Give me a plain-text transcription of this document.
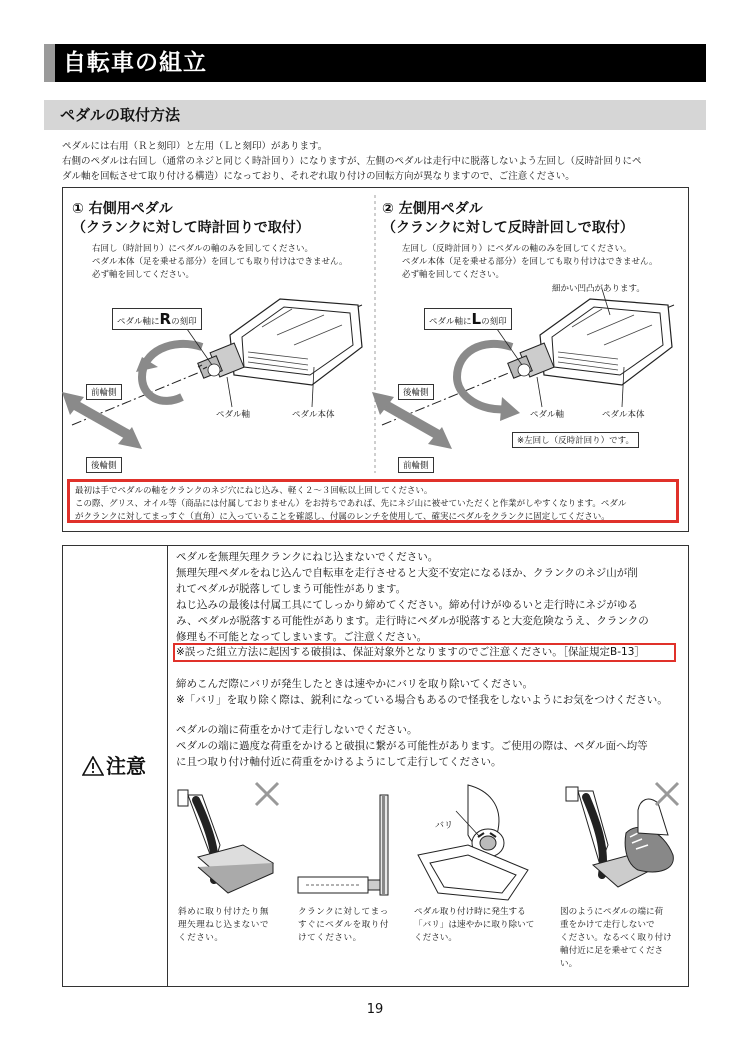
自転車の組立
ペダルの取付方法
ペダルには右用（Ｒと刻印）と左用（Ｌと刻印）があります。
右側のペダルは右回し（通常のネジと同じく時計回り）になりますが、左側のペダルは走行中に脱落しないよう左回し（反時計回りにペ
ダル軸を回転させて取り付ける構造）になっており、それぞれ取り付けの回転方向が異なりますので、ご注意ください。
① 右側用ペダル
（クランクに対して時計回りで取付）
右回し（時計回り）にペダルの軸のみを回してください。
ペダル本体（足を乗せる部分）を回しても取り付けはできません。
必ず軸を回してください。
ペダル軸にRの刻印
前輪側
後輪側
ペダル軸	ペダル本体
② 左側用ペダル
（クランクに対して反時計回しで取付）
左回し（反時計回り）にペダルの軸のみを回してください。
ペダル本体（足を乗せる部分）を回しても取り付けはできません。
必ず軸を回してください。
細かい凹凸があります。
ペダル軸にLの刻印
後輪側
前輪側
ペダル軸	ペダル本体
※左回し（反時計回り）です。
最初は手でペダルの軸をクランクのネジ穴にねじ込み、軽く２～３回転以上回してください。
この際、グリス、オイル等（商品には付属しておりません）をお持ちであれば、先にネジ山に被せていただくと作業がしやすくなります。ペダル
がクランクに対してまっすぐ（直角）に入っていることを確認し、付属のレンチを使用して、確実にペダルをクランクに固定してください。
注意
ペダルを無理矢理クランクにねじ込まないでください。
無理矢理ペダルをねじ込んで自転車を走行させると大変不安定になるほか、クランクのネジ山が削
れてペダルが脱落してしまう可能性があります。
ねじ込みの最後は付属工具にてしっかり締めてください。締め付けがゆるいと走行時にネジがゆる
み、ペダルが脱落する可能性があります。走行時にペダルが脱落すると大変危険なうえ、クランクの
修理も不可能となってしまいます。ご注意ください。
※誤った組立方法に起因する破損は、保証対象外となりますのでご注意ください。［保証規定B-13］
締めこんだ際にバリが発生したときは速やかにバリを取り除いてください。
※「バリ」を取り除く際は、鋭利になっている場合もあるので怪我をしないようにお気をつけください。
ペダルの端に荷重をかけて走行しないでください。
ペダルの端に過度な荷重をかけると破損に繋がる可能性があります。ご使用の際は、ペダル面へ均等
に且つ取り付け軸付近に荷重をかけるようにして走行してください。
バリ
斜めに取り付けたり無
理矢理ねじ込まないで
ください。
クランクに対してまっ
すぐにペダルを取り付
けてください。
ペダル取り付け時に発生する
「バリ」は速やかに取り除いて
ください。
図のようにペダルの端に荷
重をかけて走行しないで
ください。なるべく取り付け
軸付近に足を乗せてくださ
い。
19
